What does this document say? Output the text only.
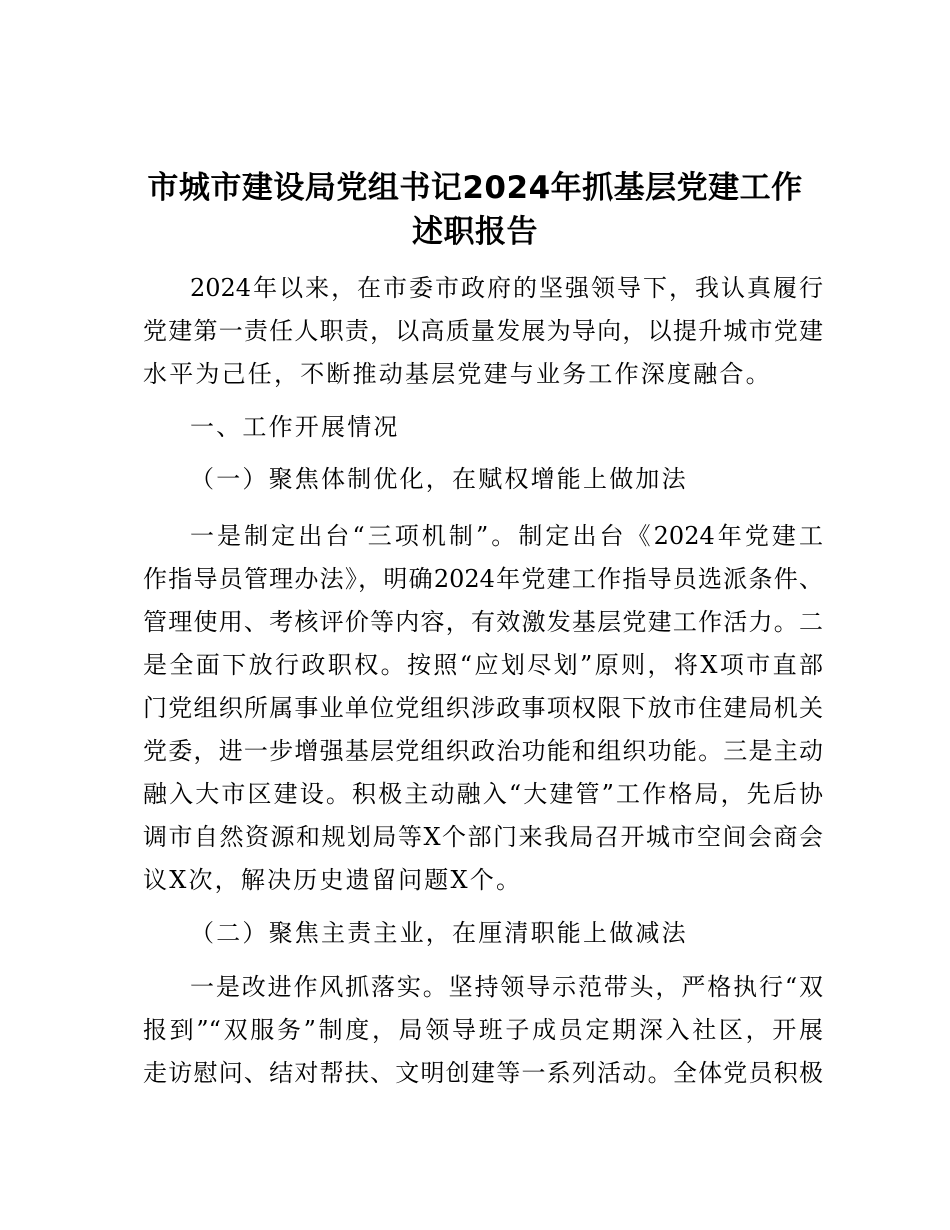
市城市建设局党组书记2024年抓基层党建工作
述职报告

2024年以来，在市委市政府的坚强领导下，我认真履行

党建第一责任人职责，以高质量发展为导向，以提升城市党建

水平为己任，不断推动基层党建与业务工作深度融合。

一、工作开展情况

（一）聚焦体制优化，在赋权增能上做加法

一是制定出台“三项机制”。制定出台《2024年党建工

作指导员管理办法》，明确2024年党建工作指导员选派条件、

管理使用、考核评价等内容，有效激发基层党建工作活力。二

是全面下放行政职权。按照“应划尽划”原则，将X项市直部

门党组织所属事业单位党组织涉政事项权限下放市住建局机关

党委，进一步增强基层党组织政治功能和组织功能。三是主动

融入大市区建设。积极主动融入“大建管”工作格局，先后协

调市自然资源和规划局等X个部门来我局召开城市空间会商会

议X次，解决历史遗留问题X个。

（二）聚焦主责主业，在厘清职能上做减法

一是改进作风抓落实。坚持领导示范带头，严格执行“双

报到”“双服务”制度，局领导班子成员定期深入社区，开展

走访慰问、结对帮扶、文明创建等一系列活动。全体党员积极
